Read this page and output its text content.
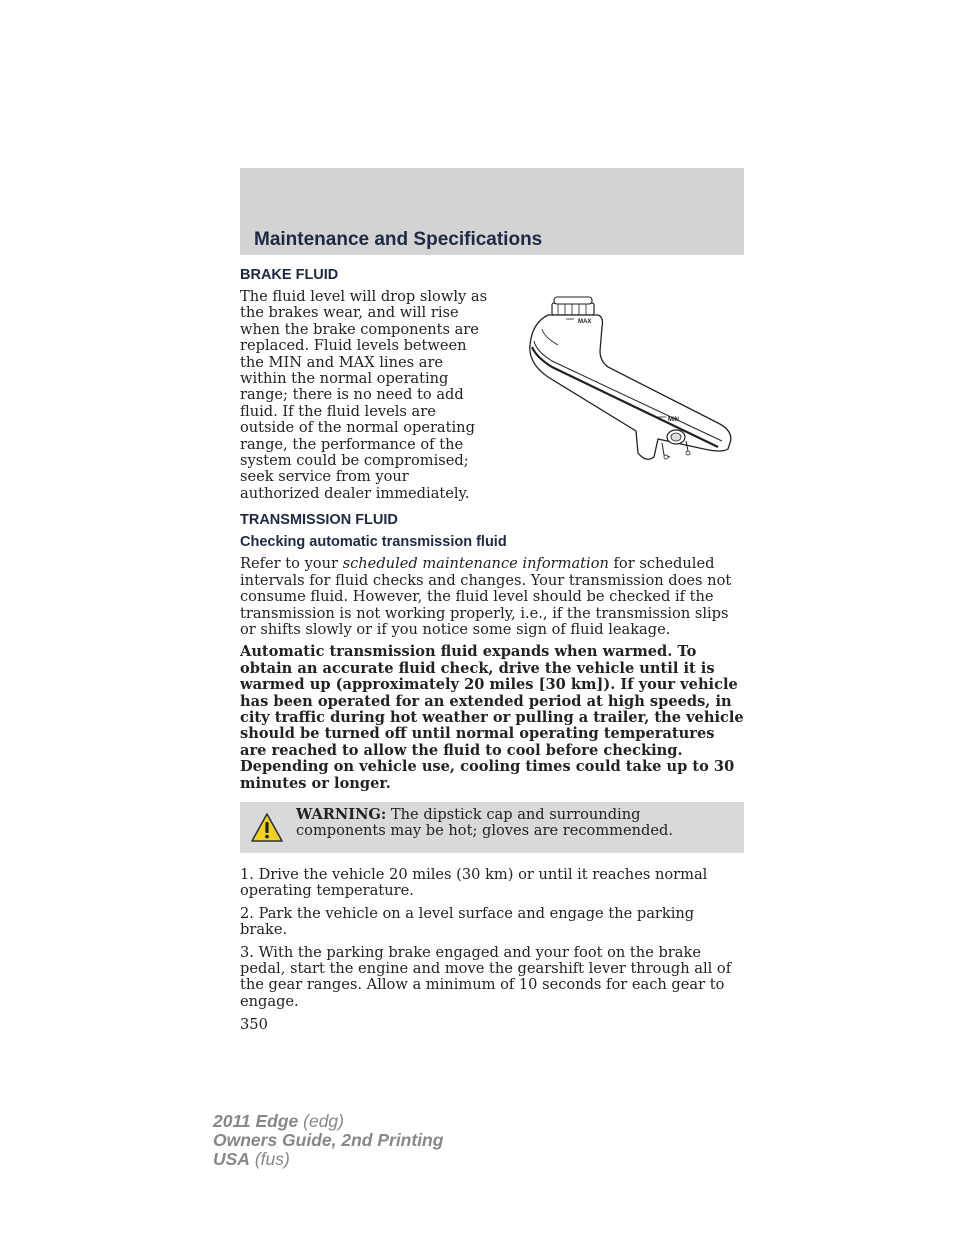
Maintenance and Specifications
BRAKE FLUID

The fluid level will drop slowly as the brakes wear, and will rise when the brake components are replaced. Fluid levels between the MIN and MAX lines are within the normal operating range; there is no need to add fluid. If the fluid levels are outside of the normal operating range, the performance of the system could be compromised; seek service from your authorized dealer immediately.

MAX
MIN
TRANSMISSION FLUID
Checking automatic transmission fluid

Refer to your scheduled maintenance information for scheduled intervals for fluid checks and changes. Your transmission does not consume fluid. However, the fluid level should be checked if the transmission is not working properly, i.e., if the transmission slips or shifts slowly or if you notice some sign of fluid leakage.

Automatic transmission fluid expands when warmed. To obtain an accurate fluid check, drive the vehicle until it is warmed up (approximately 20 miles [30 km]). If your vehicle has been operated for an extended period at high speeds, in city traffic during hot weather or pulling a trailer, the vehicle should be turned off until normal operating temperatures are reached to allow the fluid to cool before checking. Depending on vehicle use, cooling times could take up to 30 minutes or longer.

WARNING: The dipstick cap and surrounding components may be hot; gloves are recommended.

1. Drive the vehicle 20 miles (30 km) or until it reaches normal operating temperature.

2. Park the vehicle on a level surface and engage the parking brake.

3. With the parking brake engaged and your foot on the brake pedal, start the engine and move the gearshift lever through all of the gear ranges. Allow a minimum of 10 seconds for each gear to engage.

350
2011 Edge (edg)
Owners Guide, 2nd Printing
USA (fus)
